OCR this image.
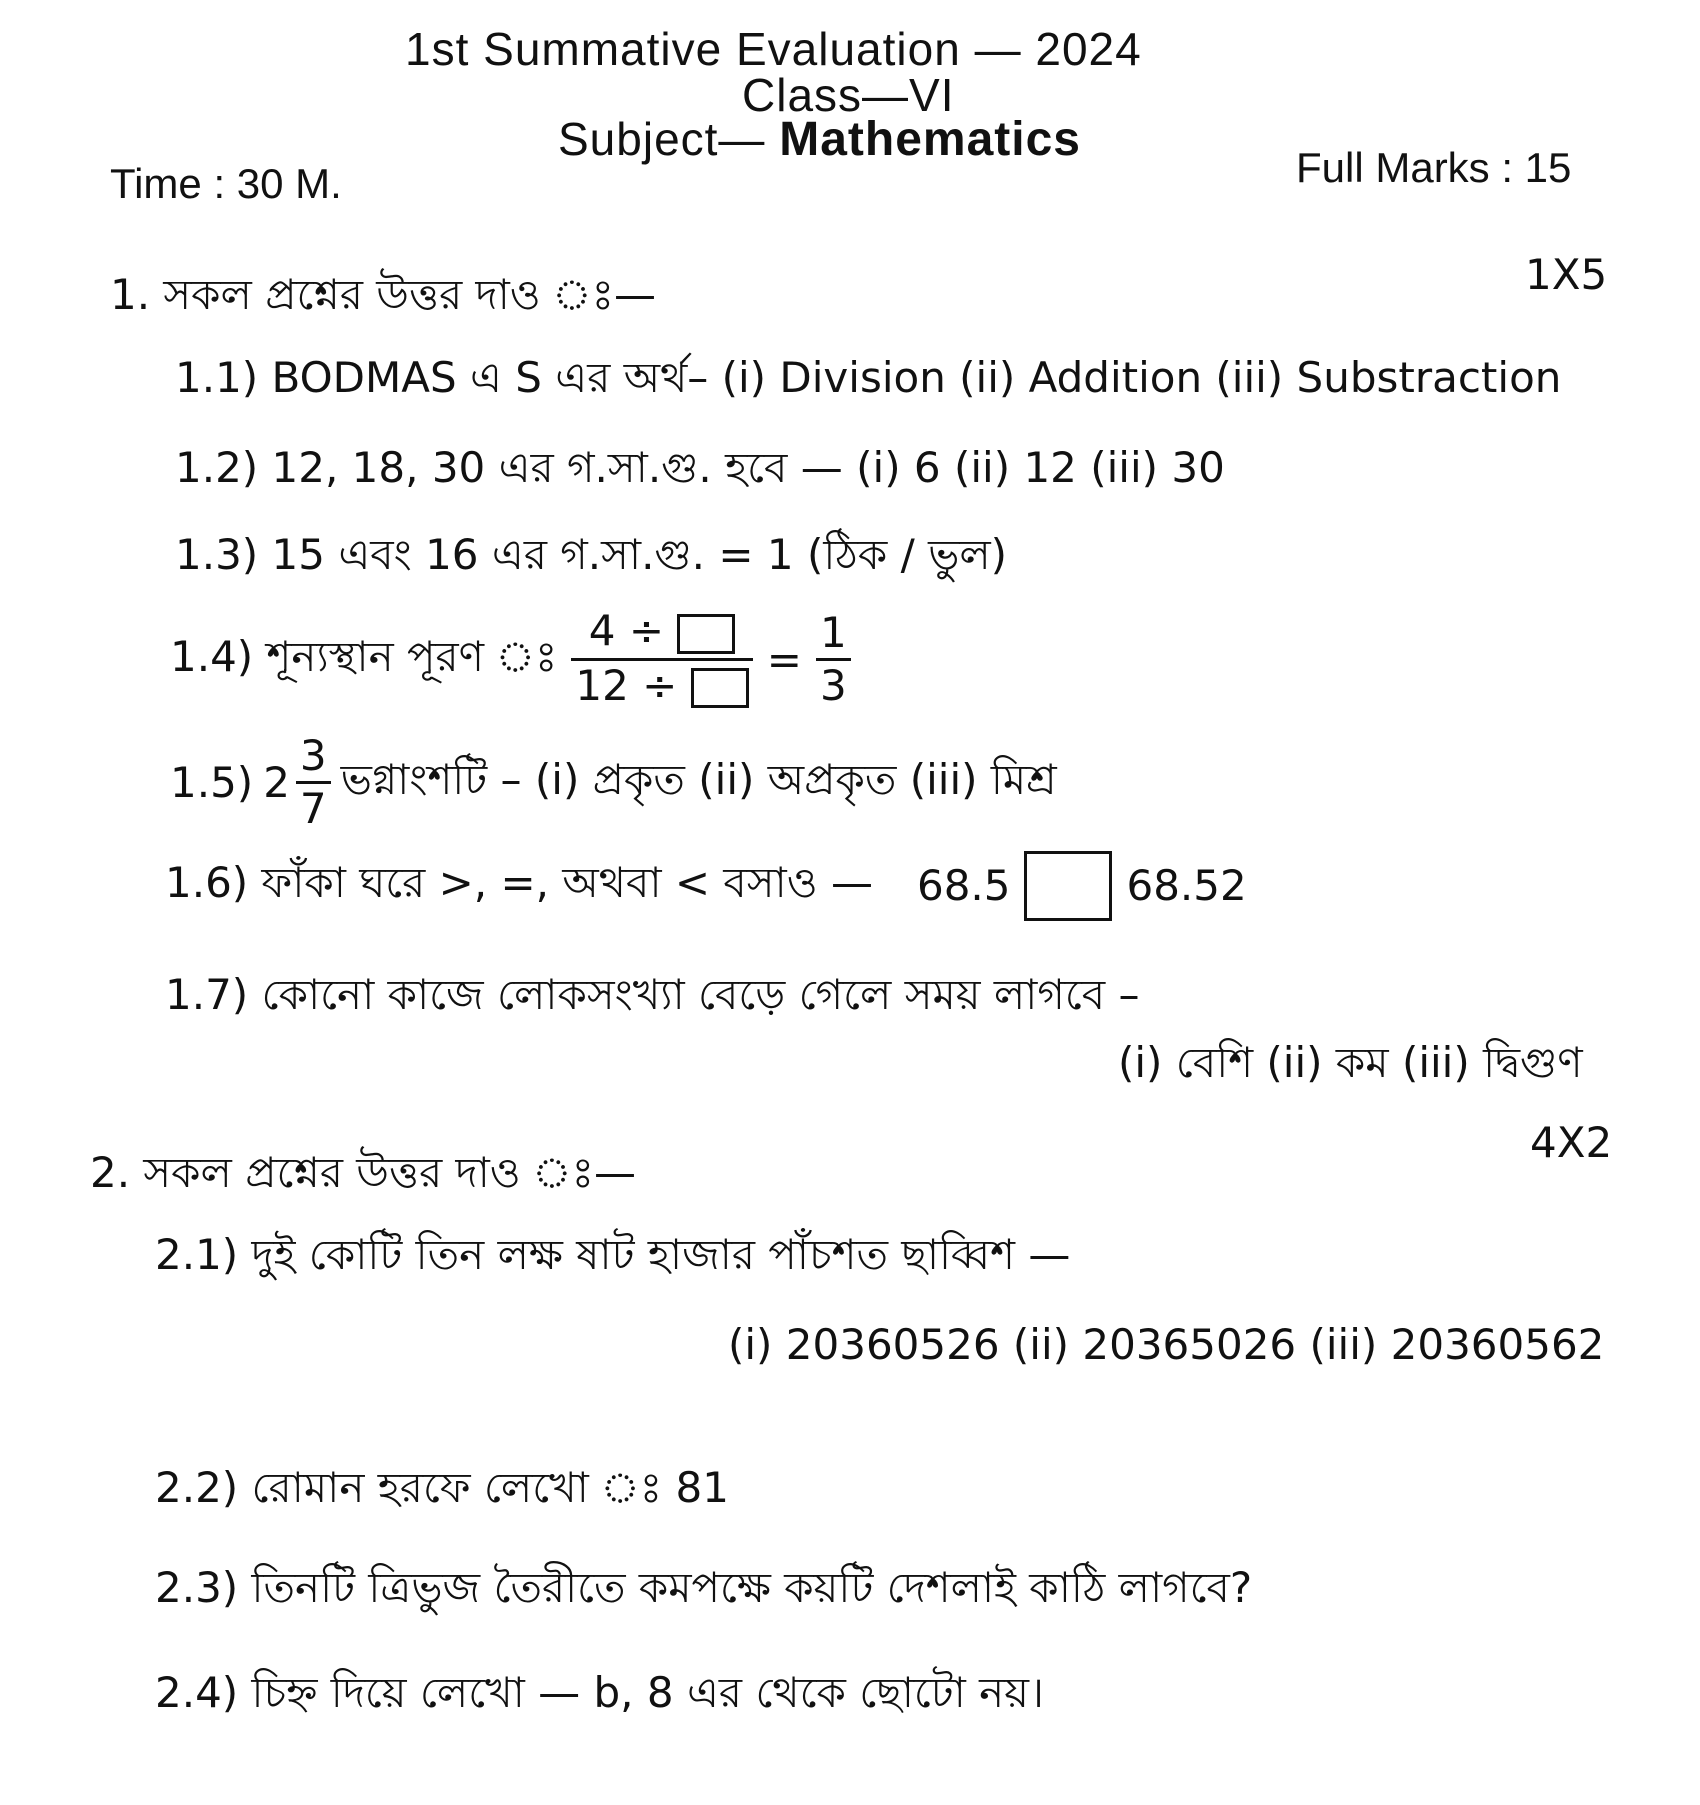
1st Summative Evaluation — 2024
Class—VI
Subject— Mathematics
Time : 30 M.	Full Marks : 15
1. সকল প্রশ্নের উত্তর দাও ঃ—	1X5
1.1) BODMAS এ S এর অর্থ– (i) Division (ii) Addition (iii) Substraction
1.2) 12, 18, 30 এর গ.সা.গু. হবে — (i) 6 (ii) 12 (iii) 30
1.3) 15 এবং 16 এর গ.সা.গু. = 1 (ঠিক / ভুল)
1.4) শূন্যস্থান পূরণ ঃ $\frac{4 \div}{12 \div} = \frac{1}{3}$
1.5) $2 \frac{3}{7}$ ভগ্নাংশটি – (i) প্রকৃত (ii) অপ্রকৃত (iii) মিশ্র
1.6) ফাঁকা ঘরে >, =, অথবা < বসাও — 68.5	68.52
1.7) কোনো কাজে লোকসংখ্যা বেড়ে গেলে সময় লাগবে –
(i) বেশি (ii) কম (iii) দ্বিগুণ
2. সকল প্রশ্নের উত্তর দাও ঃ—
4X2
2.1) দুই কোটি তিন লক্ষ ষাট হাজার পাঁচশত ছাব্বিশ —
(i) 20360526 (ii) 20365026 (iii) 20360562
2.2) রোমান হরফে লেখো ঃ 81
2.3) তিনটি ত্রিভুজ তৈরীতে কমপক্ষে কয়টি দেশলাই কাঠি লাগবে?
2.4) চিহ্ন দিয়ে লেখো — b, 8 এর থেকে ছোটো নয়।
